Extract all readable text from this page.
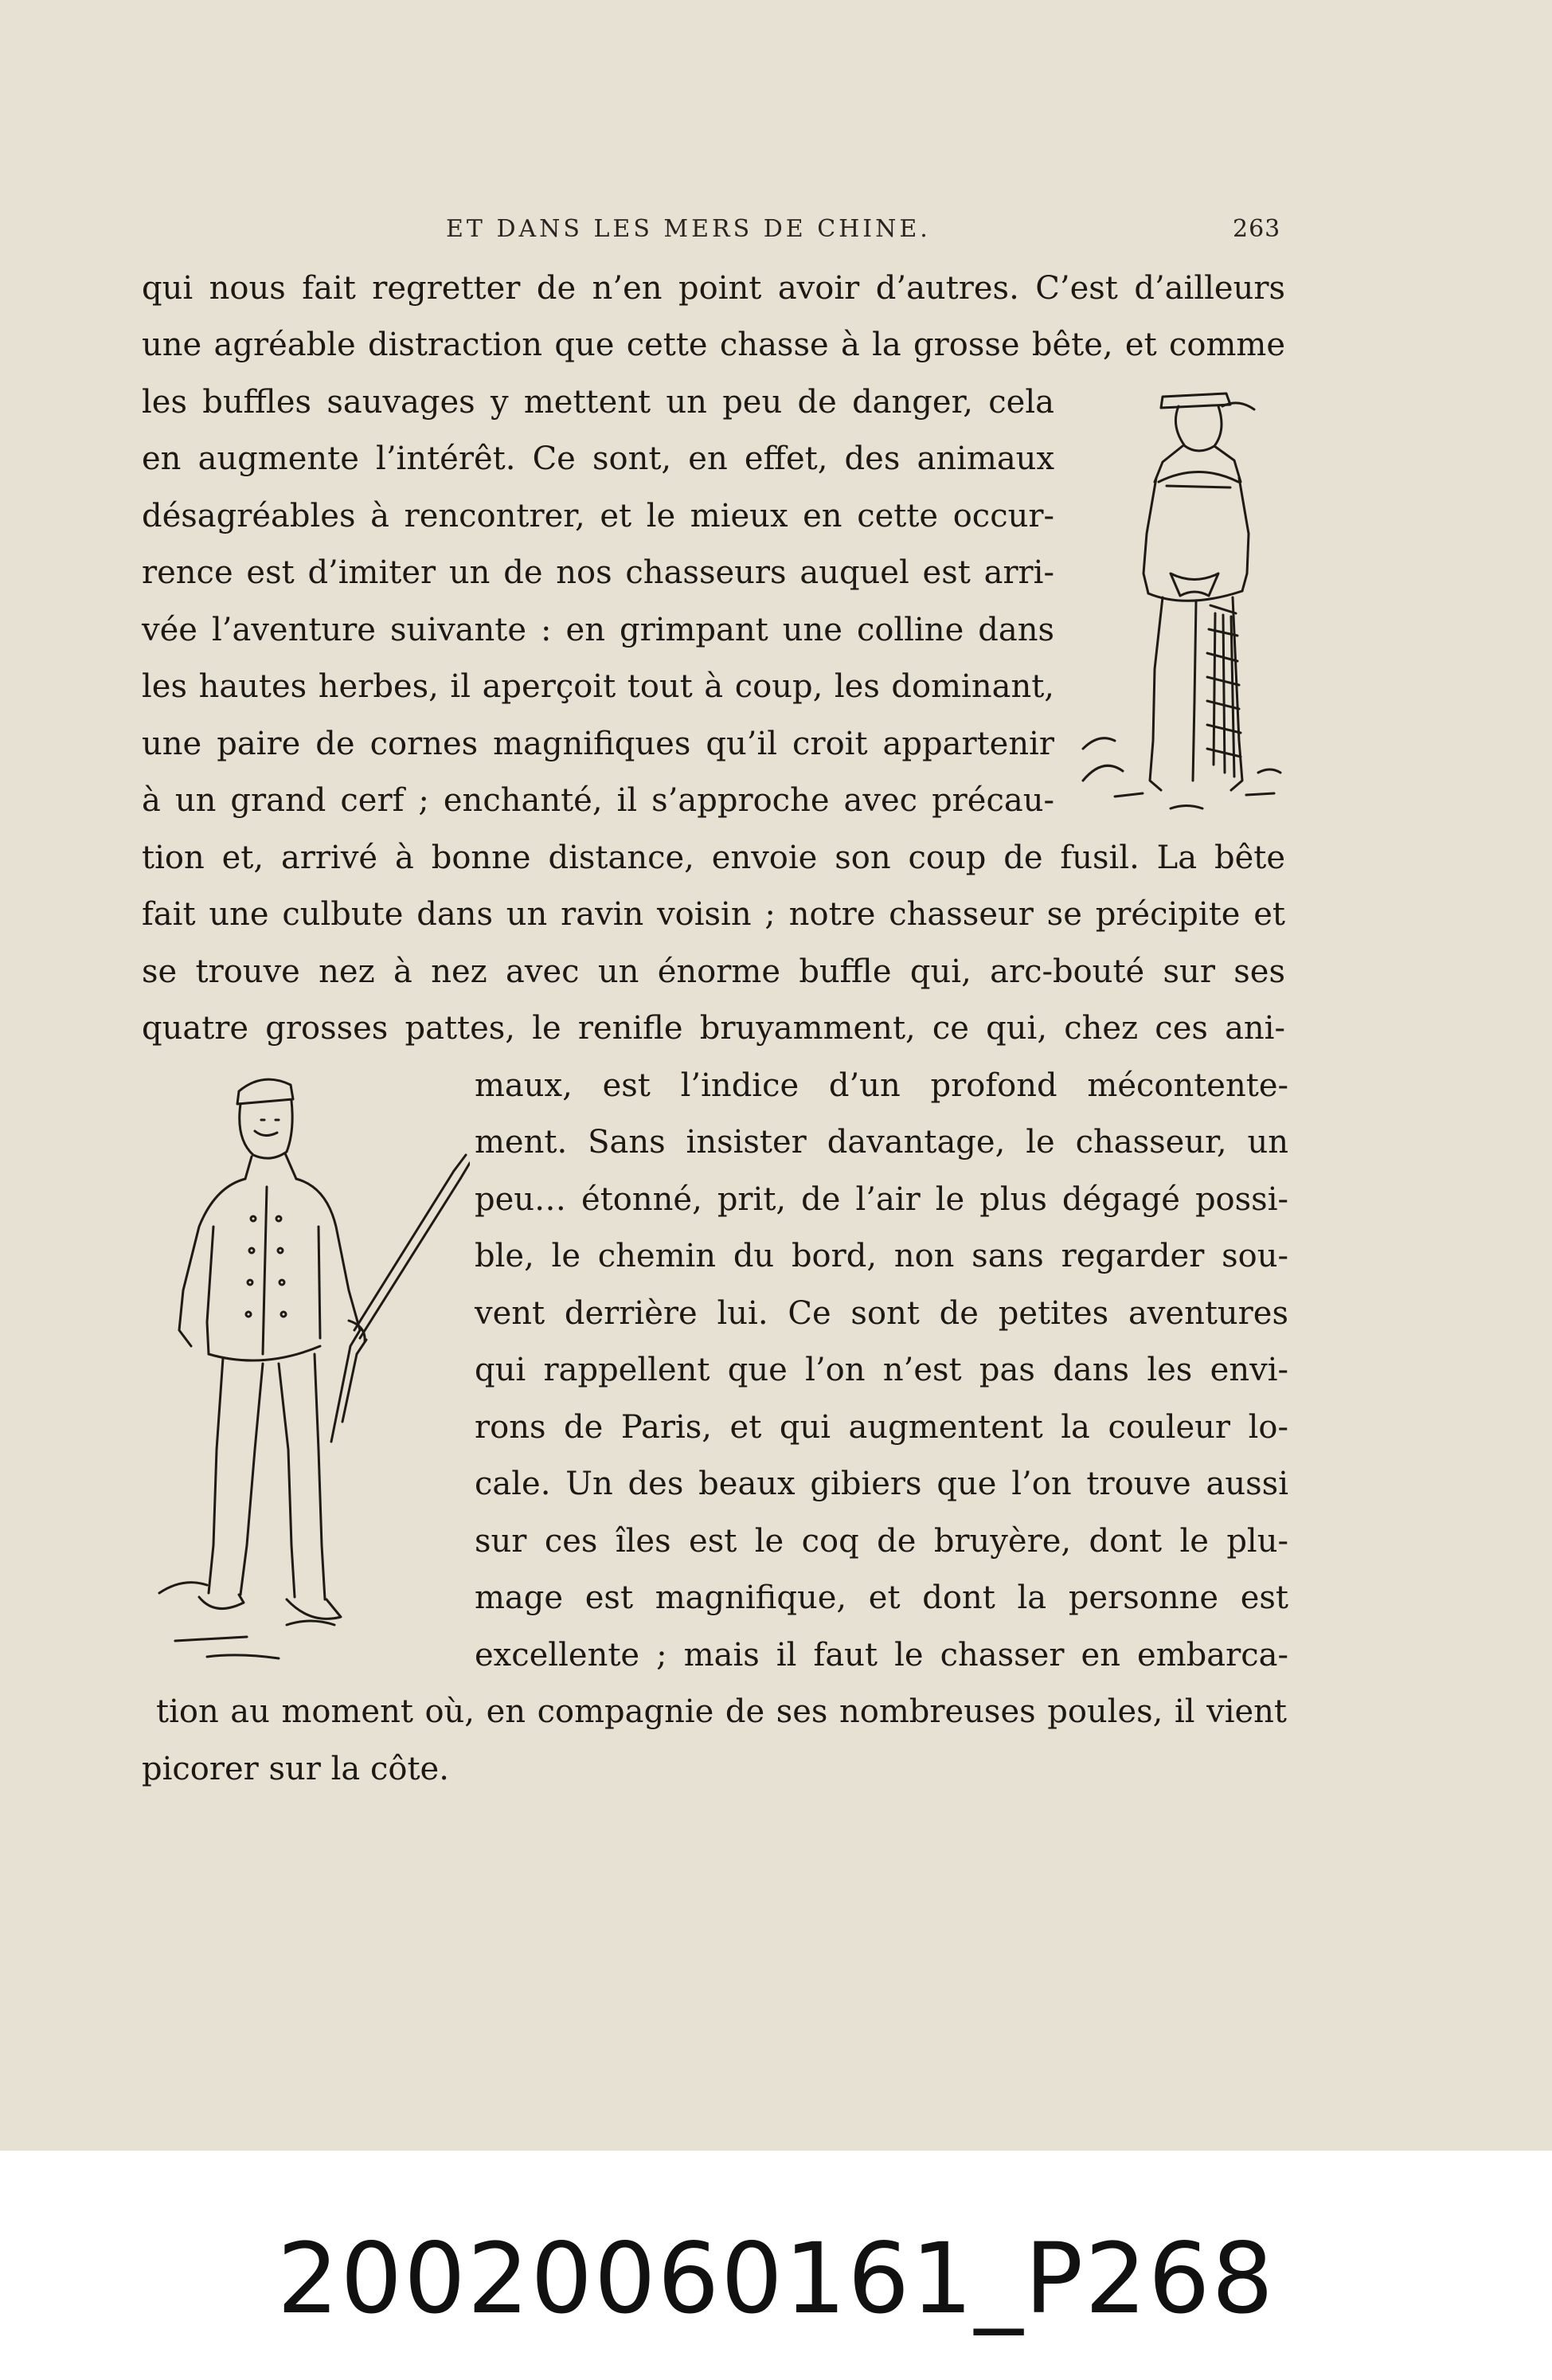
ET DANS LES MERS DE CHINE.	263
qui nous fait regretter de n’en point avoir d’autres. C’est d’ailleurs
une agréable distraction que cette chasse à la grosse bête, et comme
les buffles sauvages y mettent un peu de danger, cela
en augmente l’intérêt. Ce sont, en effet, des animaux
désagréables à rencontrer, et le mieux en cette occur-
rence est d’imiter un de nos chasseurs auquel est arri-
vée l’aventure suivante : en grimpant une colline dans
les hautes herbes, il aperçoit tout à coup, les dominant,
une paire de cornes magnifiques qu’il croit appartenir
à un grand cerf ; enchanté, il s’approche avec précau-
tion et, arrivé à bonne distance, envoie son coup de fusil. La bête
fait une culbute dans un ravin voisin ; notre chasseur se précipite et
se trouve nez à nez avec un énorme buffle qui, arc-bouté sur ses
quatre grosses pattes, le renifle bruyamment, ce qui, chez ces ani-
maux, est l’indice d’un profond mécontente-
ment. Sans insister davantage, le chasseur, un
peu… étonné, prit, de l’air le plus dégagé possi-
ble, le chemin du bord, non sans regarder sou-
vent derrière lui. Ce sont de petites aventures
qui rappellent que l’on n’est pas dans les envi-
rons de Paris, et qui augmentent la couleur lo-
cale. Un des beaux gibiers que l’on trouve aussi
sur ces îles est le coq de bruyère, dont le plu-
mage est magnifique, et dont la personne est
excellente ; mais il faut le chasser en embarca-
tion au moment où, en compagnie de ses nombreuses poules, il vient
picorer sur la côte.
20020060161_P268
